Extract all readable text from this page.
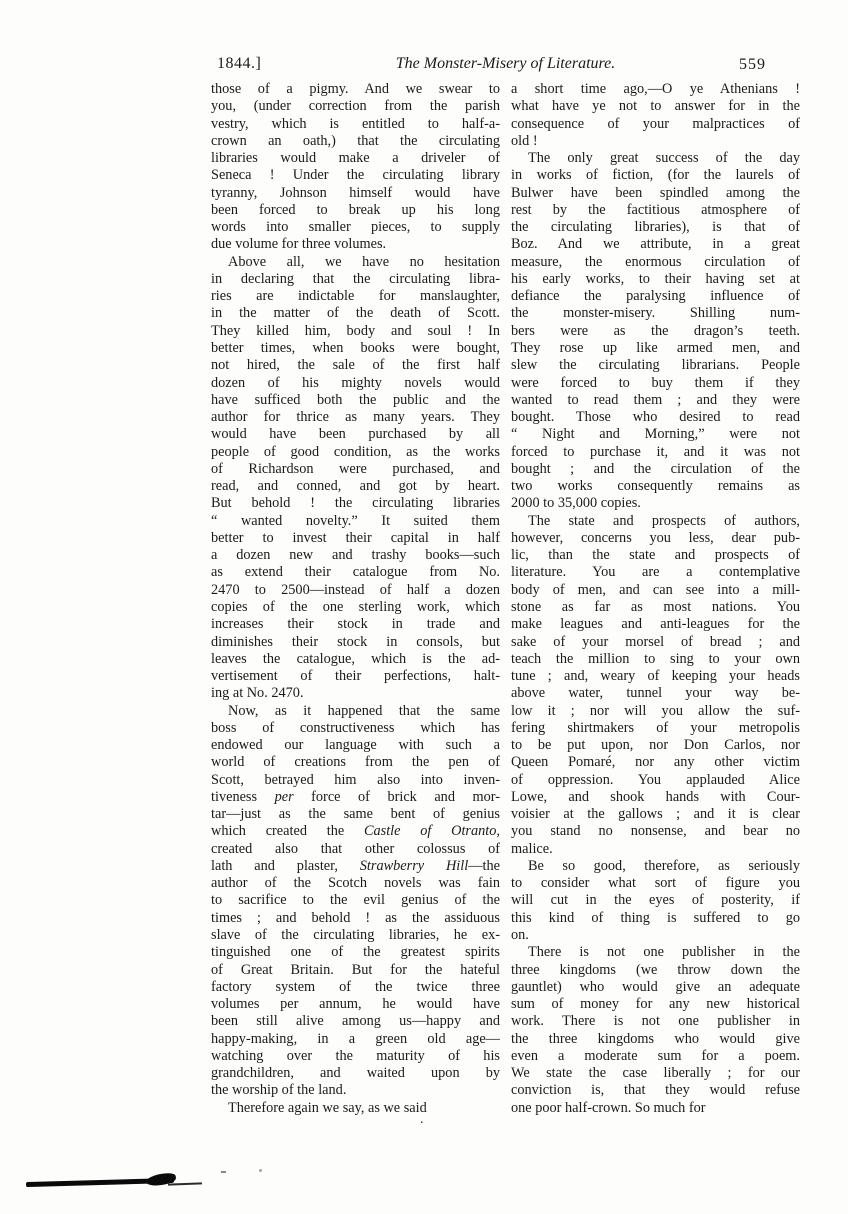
1844.]	The Monster-Misery of Literature.	559
those of a pigmy. And we swear to
you, (under correction from the parish
vestry, which is entitled to half-a-
crown an oath,) that the circulating
libraries would make a driveler of
Seneca ! Under the circulating library
tyranny, Johnson himself would have
been forced to break up his long
words into smaller pieces, to supply
due volume for three volumes.
Above all, we have no hesitation
in declaring that the circulating libra-
ries are indictable for manslaughter,
in the matter of the death of Scott.
They killed him, body and soul ! In
better times, when books were bought,
not hired, the sale of the first half
dozen of his mighty novels would
have sufficed both the public and the
author for thrice as many years. They
would have been purchased by all
people of good condition, as the works
of Richardson were purchased, and
read, and conned, and got by heart.
But behold ! the circulating libraries
“ wanted novelty.” It suited them
better to invest their capital in half
a dozen new and trashy books—such
as extend their catalogue from No.
2470 to 2500—instead of half a dozen
copies of the one sterling work, which
increases their stock in trade and
diminishes their stock in consols, but
leaves the catalogue, which is the ad-
vertisement of their perfections, halt-
ing at No. 2470.
Now, as it happened that the same
boss of constructiveness which has
endowed our language with such a
world of creations from the pen of
Scott, betrayed him also into inven-
tiveness per force of brick and mor-
tar—just as the same bent of genius
which created the Castle of Otranto,
created also that other colossus of
lath and plaster, Strawberry Hill—the
author of the Scotch novels was fain
to sacrifice to the evil genius of the
times ; and behold ! as the assiduous
slave of the circulating libraries, he ex-
tinguished one of the greatest spirits
of Great Britain. But for the hateful
factory system of the twice three
volumes per annum, he would have
been still alive among us—happy and
happy-making, in a green old age—
watching over the maturity of his
grandchildren, and waited upon by
the worship of the land.
Therefore again we say, as we said
a short time ago,—O ye Athenians !
what have ye not to answer for in the
consequence of your malpractices of
old !
The only great success of the day
in works of fiction, (for the laurels of
Bulwer have been spindled among the
rest by the factitious atmosphere of
the circulating libraries), is that of
Boz. And we attribute, in a great
measure, the enormous circulation of
his early works, to their having set at
defiance the paralysing influence of
the monster-misery. Shilling num-
bers were as the dragon’s teeth.
They rose up like armed men, and
slew the circulating librarians. People
were forced to buy them if they
wanted to read them ; and they were
bought. Those who desired to read
“ Night and Morning,” were not
forced to purchase it, and it was not
bought ; and the circulation of the
two works consequently remains as
2000 to 35,000 copies.
The state and prospects of authors,
however, concerns you less, dear pub-
lic, than the state and prospects of
literature. You are a contemplative
body of men, and can see into a mill-
stone as far as most nations. You
make leagues and anti-leagues for the
sake of your morsel of bread ; and
teach the million to sing to your own
tune ; and, weary of keeping your heads
above water, tunnel your way be-
low it ; nor will you allow the suf-
fering shirtmakers of your metropolis
to be put upon, nor Don Carlos, nor
Queen Pomaré, nor any other victim
of oppression. You applauded Alice
Lowe, and shook hands with Cour-
voisier at the gallows ; and it is clear
you stand no nonsense, and bear no
malice.
Be so good, therefore, as seriously
to consider what sort of figure you
will cut in the eyes of posterity, if
this kind of thing is suffered to go
on.
There is not one publisher in the
three kingdoms (we throw down the
gauntlet) who would give an adequate
sum of money for any new historical
work. There is not one publisher in
the three kingdoms who would give
even a moderate sum for a poem.
We state the case liberally ; for our
conviction is, that they would refuse
one poor half-crown. So much for
.
